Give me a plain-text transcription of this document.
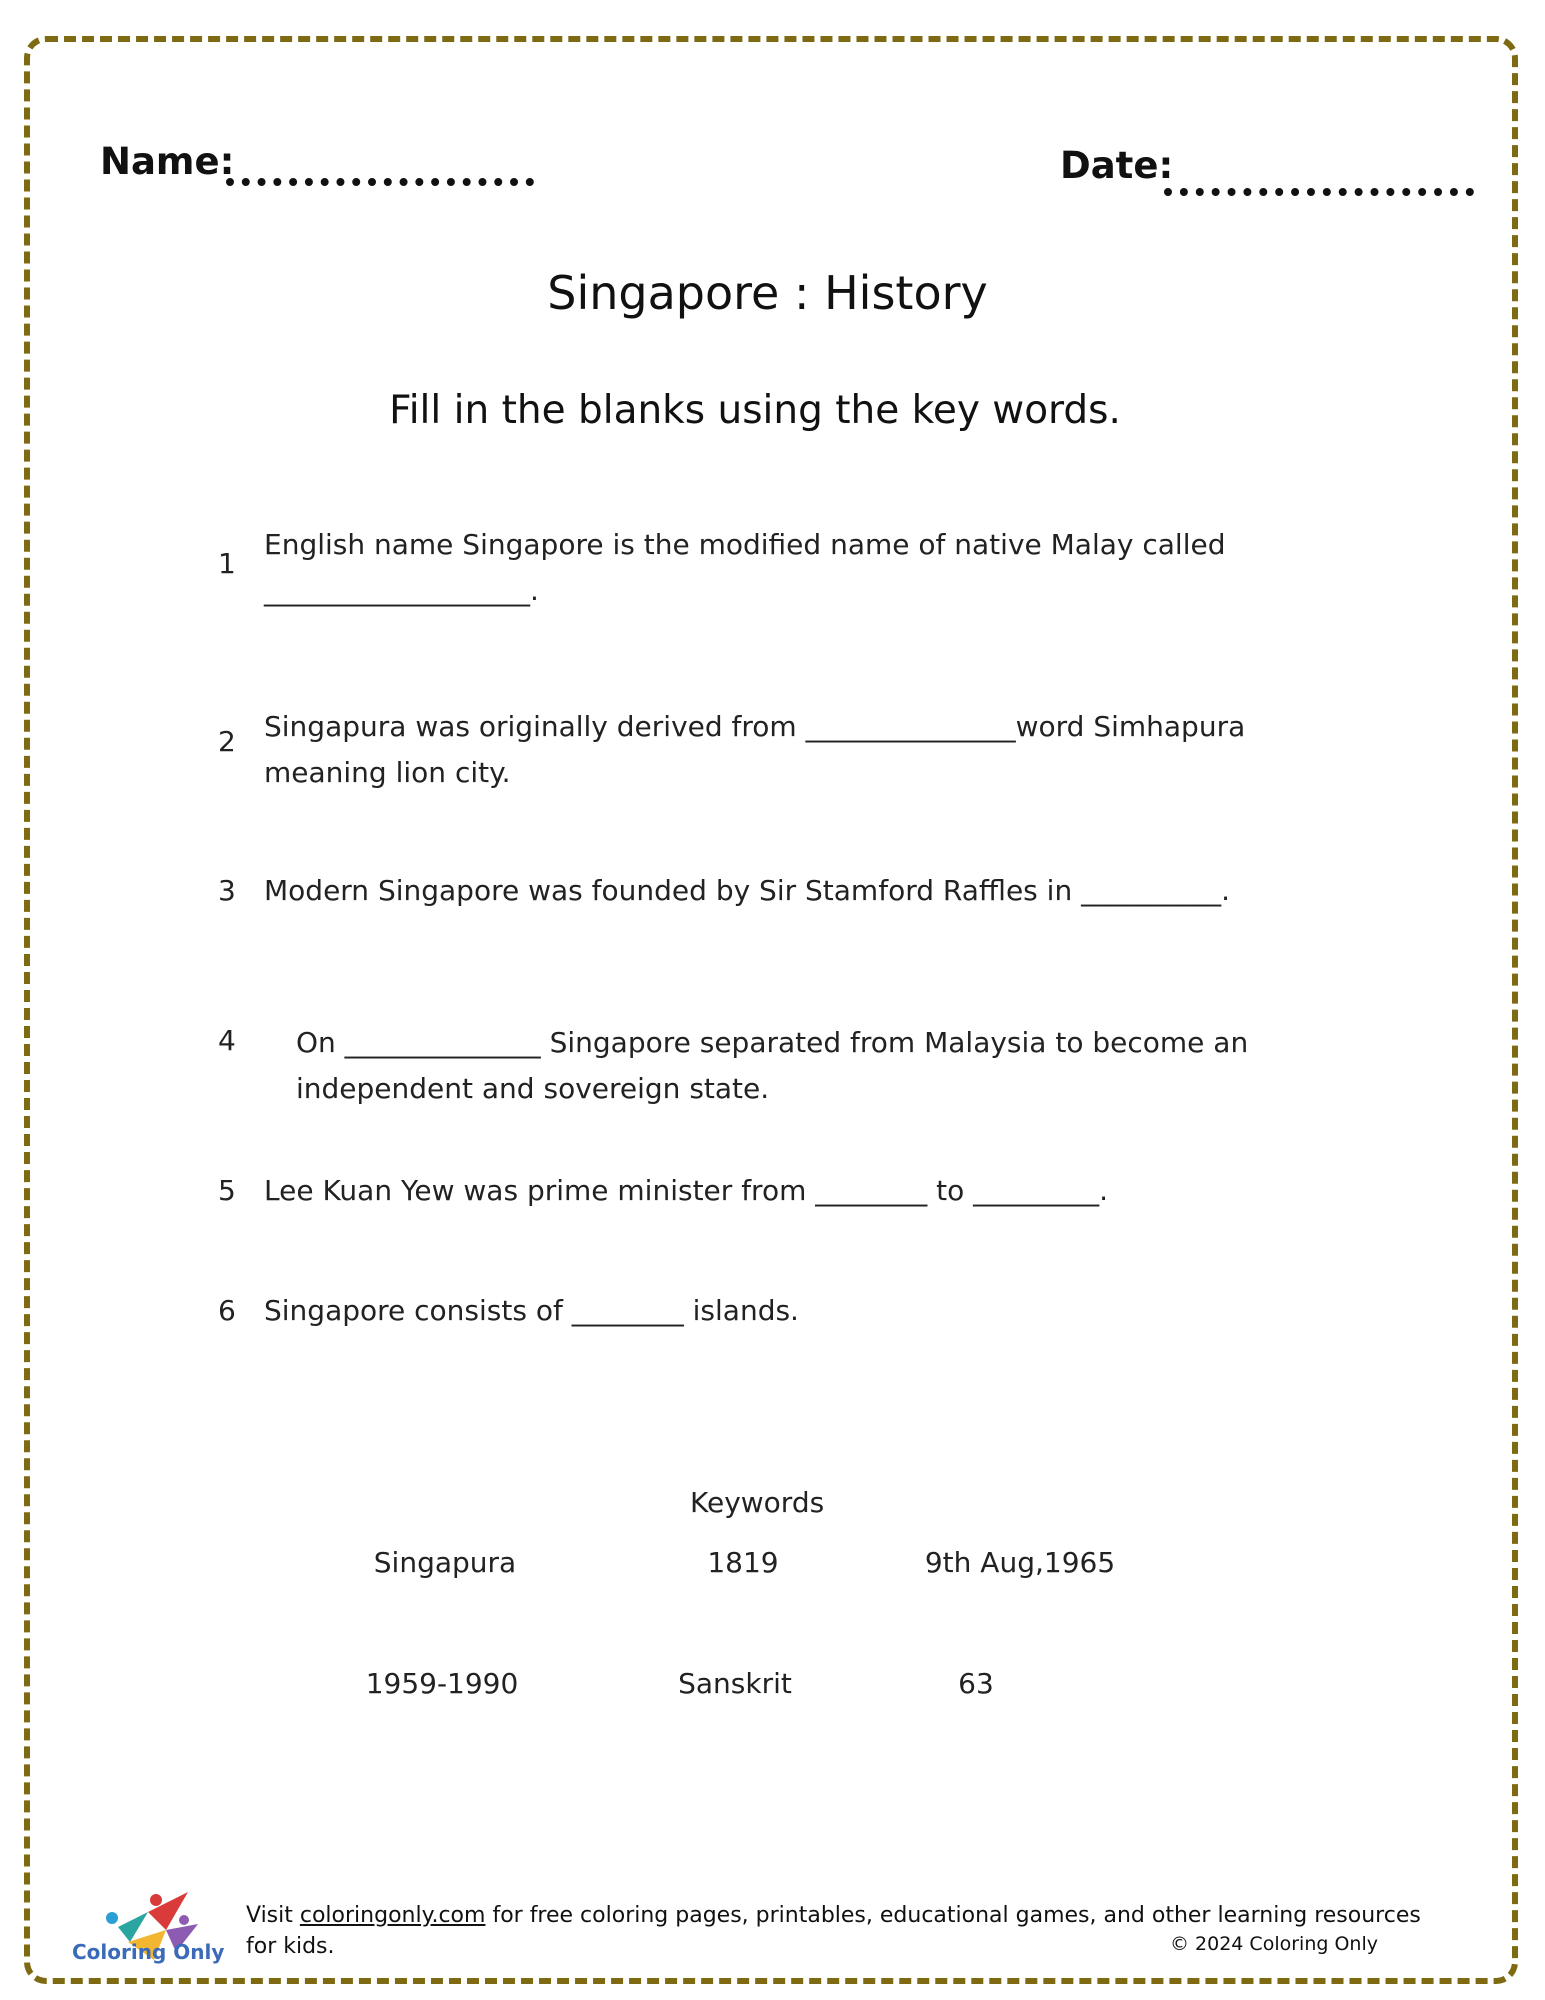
Name:	Date:
Singapore : History
Fill in the blanks using the key words.
1
English name Singapore is the modified name of native Malay called
___________________.
2 Singapura was originally derived from _______________word Simhapura
meaning lion city.
3 Modern Singapore was founded by Sir Stamford Raffles in __________.
4 On ______________ Singapore separated from Malaysia to become an
independent and sovereign state.
5 Lee Kuan Yew was prime minister from ________ to _________.
6 Singapore consists of ________ islands.
Keywords
Singapura	1819	9th Aug,1965
1959-1990	Sanskrit	63
Coloring Only
Visit coloringonly.com for free coloring pages, printables, educational games, and other learning resources for kids.	© 2024 Coloring Only
